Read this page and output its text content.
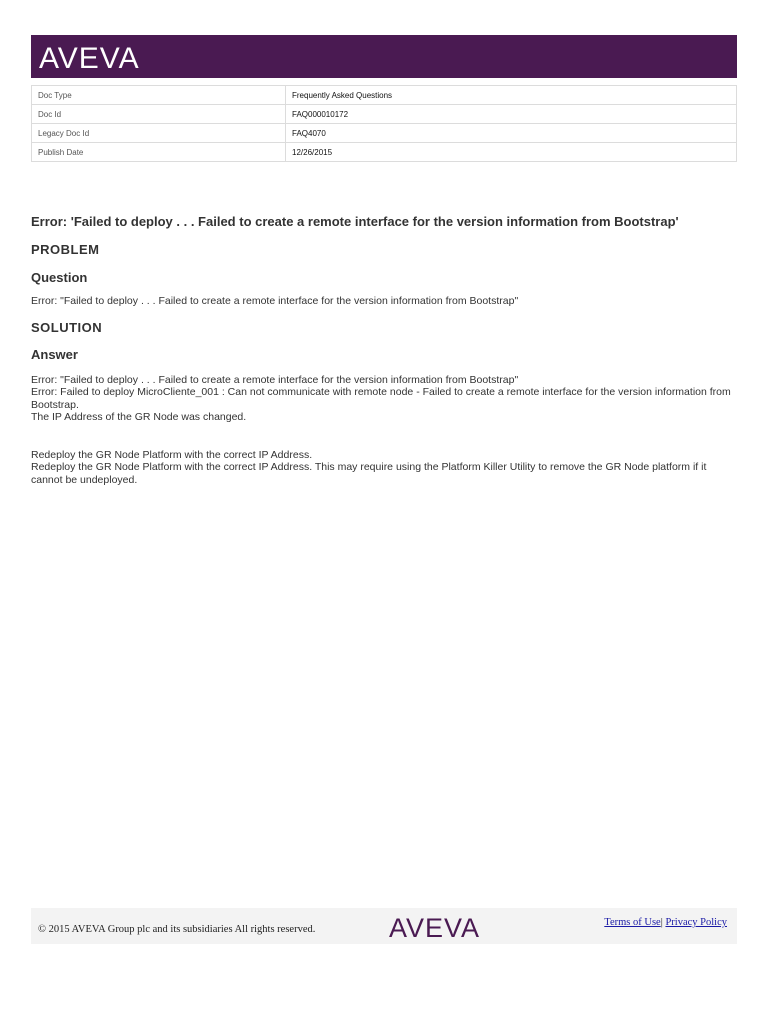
AVEVA
Doc Type	Frequently Asked Questions
Doc Id	FAQ000010172
Legacy Doc Id	FAQ4070
Publish Date	12/26/2015
Error: 'Failed to deploy . . . Failed to create a remote interface for the version information from Bootstrap'
PROBLEM
Question
Error: "Failed to deploy . . . Failed to create a remote interface for the version information from Bootstrap"
SOLUTION
Answer
Error: "Failed to deploy . . . Failed to create a remote interface for the version information from Bootstrap"
Error: Failed to deploy MicroCliente_001 : Can not communicate with remote node - Failed to create a remote interface for the version information from Bootstrap.
The IP Address of the GR Node was changed.
Redeploy the GR Node Platform with the correct IP Address.
Redeploy the GR Node Platform with the correct IP Address. This may require using the Platform Killer Utility to remove the GR Node platform if it cannot be undeployed.
© 2015 AVEVA Group plc and its subsidiaries All rights reserved.	AVEVA	Terms of Use| Privacy Policy
